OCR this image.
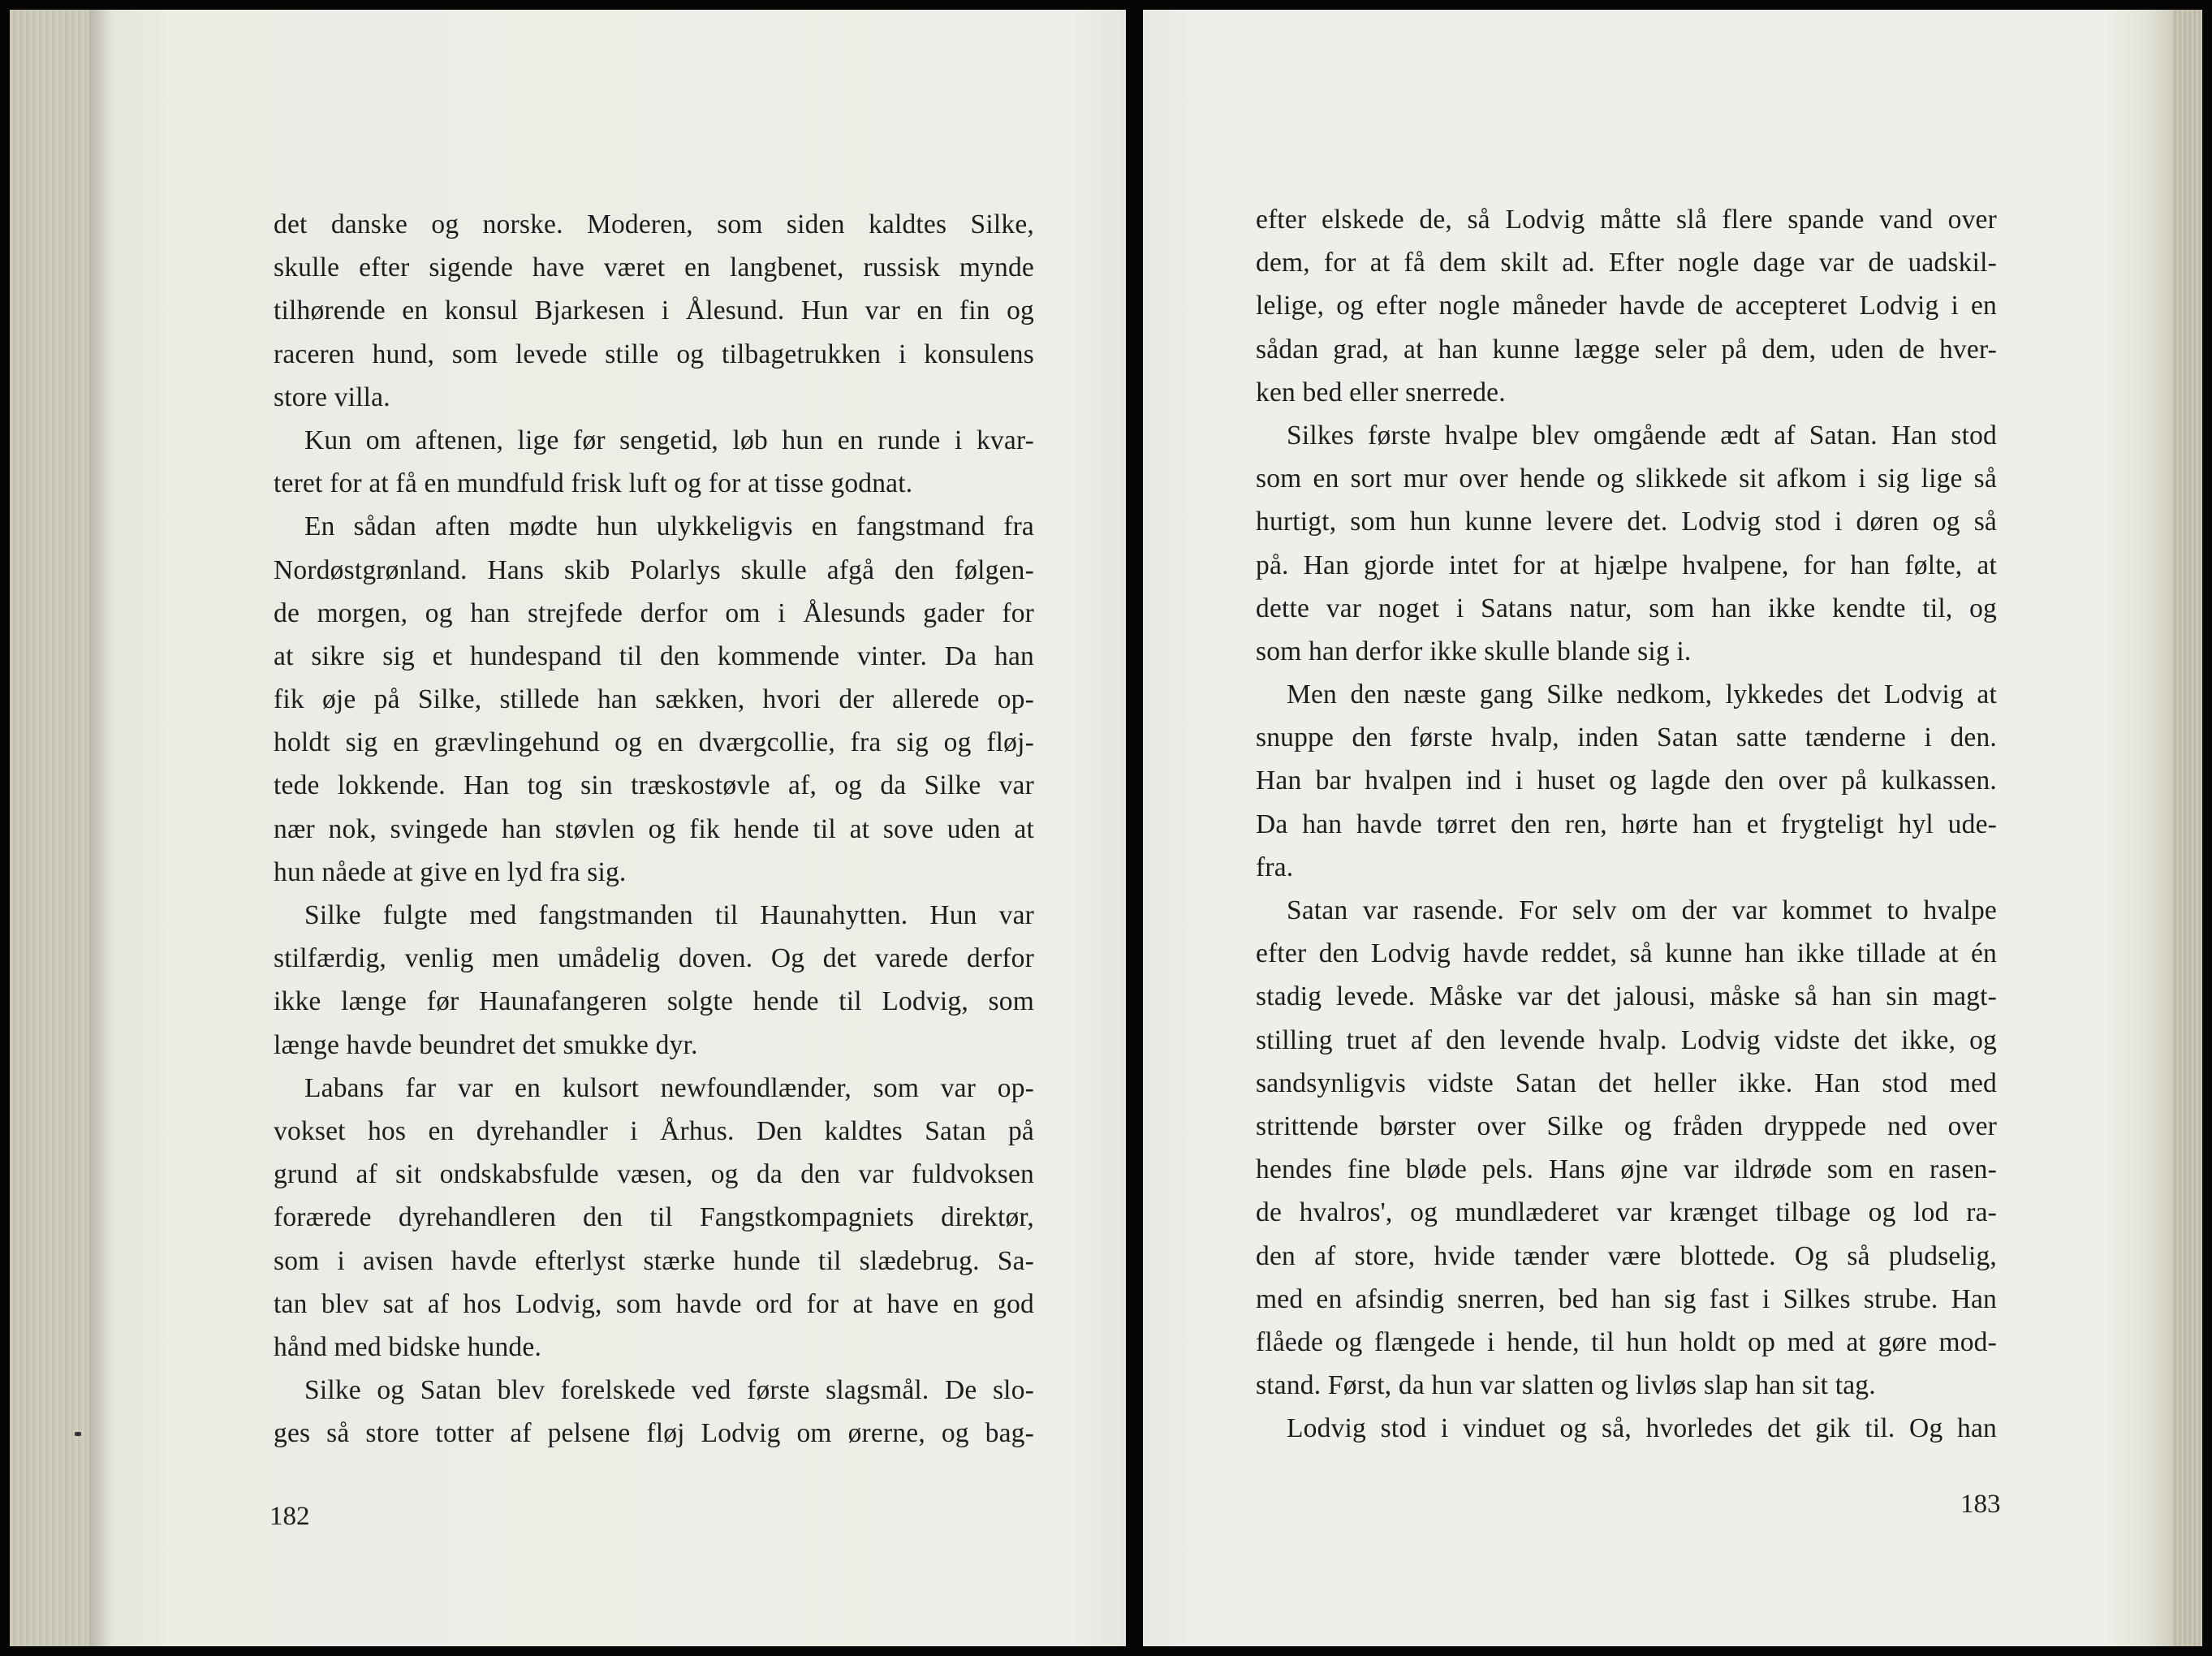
det danske og norske. Moderen, som siden kaldtes Silke,
skulle efter sigende have været en langbenet, russisk mynde
tilhørende en konsul Bjarkesen i Ålesund. Hun var en fin og
raceren hund, som levede stille og tilbagetrukken i konsulens
store villa.
Kun om aftenen, lige før sengetid, løb hun en runde i kvar-
teret for at få en mundfuld frisk luft og for at tisse godnat.
En sådan aften mødte hun ulykkeligvis en fangstmand fra
Nordøstgrønland. Hans skib Polarlys skulle afgå den følgen-
de morgen, og han strejfede derfor om i Ålesunds gader for
at sikre sig et hundespand til den kommende vinter. Da han
fik øje på Silke, stillede han sækken, hvori der allerede op-
holdt sig en grævlingehund og en dværgcollie, fra sig og fløj-
tede lokkende. Han tog sin træskostøvle af, og da Silke var
nær nok, svingede han støvlen og fik hende til at sove uden at
hun nåede at give en lyd fra sig.
Silke fulgte med fangstmanden til Haunahytten. Hun var
stilfærdig, venlig men umådelig doven. Og det varede derfor
ikke længe før Haunafangeren solgte hende til Lodvig, som
længe havde beundret det smukke dyr.
Labans far var en kulsort newfoundlænder, som var op-
vokset hos en dyrehandler i Århus. Den kaldtes Satan på
grund af sit ondskabsfulde væsen, og da den var fuldvoksen
forærede dyrehandleren den til Fangstkompagniets direktør,
som i avisen havde efterlyst stærke hunde til slædebrug. Sa-
tan blev sat af hos Lodvig, som havde ord for at have en god
hånd med bidske hunde.
Silke og Satan blev forelskede ved første slagsmål. De slo-
ges så store totter af pelsene fløj Lodvig om ørerne, og bag-
182
efter elskede de, så Lodvig måtte slå flere spande vand over
dem, for at få dem skilt ad. Efter nogle dage var de uadskil-
lelige, og efter nogle måneder havde de accepteret Lodvig i en
sådan grad, at han kunne lægge seler på dem, uden de hver-
ken bed eller snerrede.
Silkes første hvalpe blev omgående ædt af Satan. Han stod
som en sort mur over hende og slikkede sit afkom i sig lige så
hurtigt, som hun kunne levere det. Lodvig stod i døren og så
på. Han gjorde intet for at hjælpe hvalpene, for han følte, at
dette var noget i Satans natur, som han ikke kendte til, og
som han derfor ikke skulle blande sig i.
Men den næste gang Silke nedkom, lykkedes det Lodvig at
snuppe den første hvalp, inden Satan satte tænderne i den.
Han bar hvalpen ind i huset og lagde den over på kulkassen.
Da han havde tørret den ren, hørte han et frygteligt hyl ude-
fra.
Satan var rasende. For selv om der var kommet to hvalpe
efter den Lodvig havde reddet, så kunne han ikke tillade at én
stadig levede. Måske var det jalousi, måske så han sin magt-
stilling truet af den levende hvalp. Lodvig vidste det ikke, og
sandsynligvis vidste Satan det heller ikke. Han stod med
strittende børster over Silke og fråden dryppede ned over
hendes fine bløde pels. Hans øjne var ildrøde som en rasen-
de hvalros', og mundlæderet var krænget tilbage og lod ra-
den af store, hvide tænder være blottede. Og så pludselig,
med en afsindig snerren, bed han sig fast i Silkes strube. Han
flåede og flængede i hende, til hun holdt op med at gøre mod-
stand. Først, da hun var slatten og livløs slap han sit tag.
Lodvig stod i vinduet og så, hvorledes det gik til. Og han
183
